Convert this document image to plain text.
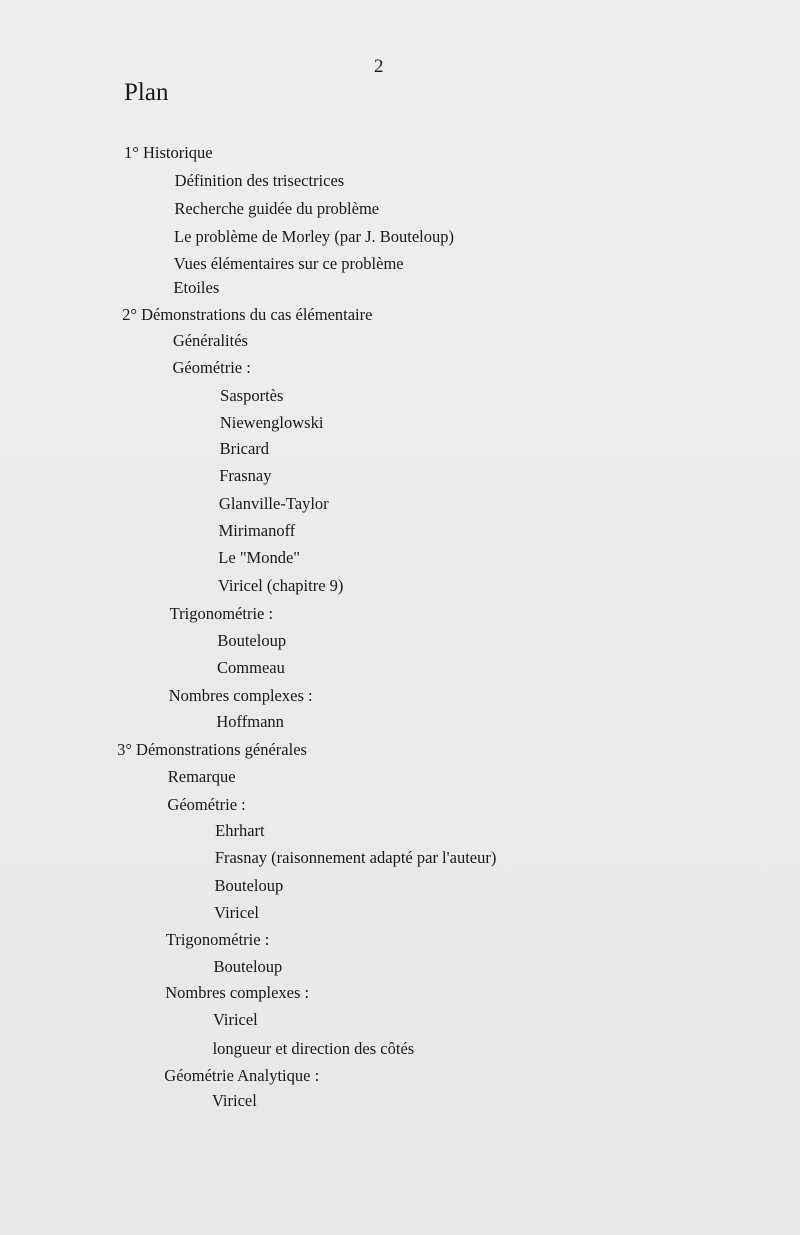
2
Plan
1° Historique
Définition des trisectrices
Recherche guidée du problème
Le problème de Morley (par J. Bouteloup)
Vues élémentaires sur ce problème
Etoiles
2° Démonstrations du cas élémentaire
Généralités
Géométrie :
Sasportès
Niewenglowski
Bricard
Frasnay
Glanville-Taylor
Mirimanoff
Le "Monde"
Viricel (chapitre 9)
Trigonométrie :
Bouteloup
Commeau
Nombres complexes :
Hoffmann
3° Démonstrations générales
Remarque
Géométrie :
Ehrhart
Frasnay (raisonnement adapté par l'auteur)
Bouteloup
Viricel
Trigonométrie :
Bouteloup
Nombres complexes :
Viricel
longueur et direction des côtés
Géométrie Analytique :
Viricel
